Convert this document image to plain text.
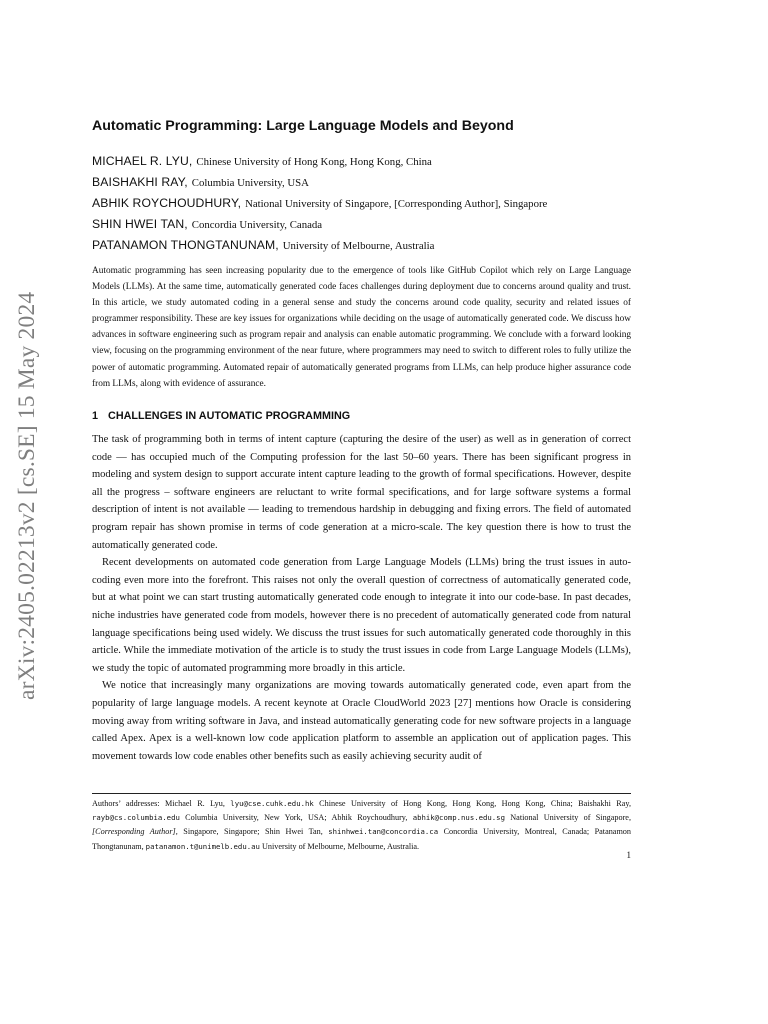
arXiv:2405.02213v2 [cs.SE] 15 May 2024
Automatic Programming: Large Language Models and Beyond
MICHAEL R. LYU, Chinese University of Hong Kong, Hong Kong, China
BAISHAKHI RAY, Columbia University, USA
ABHIK ROYCHOUDHURY, National University of Singapore, [Corresponding Author], Singapore
SHIN HWEI TAN, Concordia University, Canada
PATANAMON THONGTANUNAM, University of Melbourne, Australia
Automatic programming has seen increasing popularity due to the emergence of tools like GitHub Copilot which rely on Large Language Models (LLMs). At the same time, automatically generated code faces challenges during deployment due to concerns around quality and trust. In this article, we study automated coding in a general sense and study the concerns around code quality, security and related issues of programmer responsibility. These are key issues for organizations while deciding on the usage of automatically generated code. We discuss how advances in software engineering such as program repair and analysis can enable automatic programming. We conclude with a forward looking view, focusing on the programming environment of the near future, where programmers may need to switch to different roles to fully utilize the power of automatic programming. Automated repair of automatically generated programs from LLMs, can help produce higher assurance code from LLMs, along with evidence of assurance.
1 CHALLENGES IN AUTOMATIC PROGRAMMING

The task of programming both in terms of intent capture (capturing the desire of the user) as well as in generation of correct code — has occupied much of the Computing profession for the last 50–60 years. There has been significant progress in modeling and system design to support accurate intent capture leading to the growth of formal specifications. However, despite all the progress – software engineers are reluctant to write formal specifications, and for large software systems a formal description of intent is not available — leading to tremendous hardship in debugging and fixing errors. The field of automated program repair has shown promise in terms of code generation at a micro-scale. The key question there is how to trust the automatically generated code.

Recent developments on automated code generation from Large Language Models (LLMs) bring the trust issues in auto-coding even more into the forefront. This raises not only the overall question of correctness of automatically generated code, but at what point we can start trusting automatically generated code enough to integrate it into our code-base. In past decades, niche industries have generated code from models, however there is no precedent of automatically generated code from natural language specifications being used widely. We discuss the trust issues for such automatically generated code thoroughly in this article. While the immediate motivation of the article is to study the trust issues in code from Large Language Models (LLMs), we study the topic of automated programming more broadly in this article.

We notice that increasingly many organizations are moving towards automatically generated code, even apart from the popularity of large language models. A recent keynote at Oracle CloudWorld 2023 [27] mentions how Oracle is considering moving away from writing software in Java, and instead automatically generating code for new software projects in a language called Apex. Apex is a well-known low code application platform to assemble an application out of application pages. This movement towards low code enables other benefits such as easily achieving security audit of

Authors’ addresses: Michael R. Lyu, lyu@cse.cuhk.edu.hk Chinese University of Hong Kong, Hong Kong, Hong Kong, China; Baishakhi Ray, rayb@cs.columbia.edu Columbia University, New York, USA; Abhik Roychoudhury, abhik@comp.nus.edu.sg National University of Singapore, [Corresponding Author], Singapore, Singapore; Shin Hwei Tan, shinhwei.tan@concordia.ca Concordia University, Montreal, Canada; Patanamon Thongtanunam, patanamon.t@unimelb.edu.au University of Melbourne, Melbourne, Australia.
1
